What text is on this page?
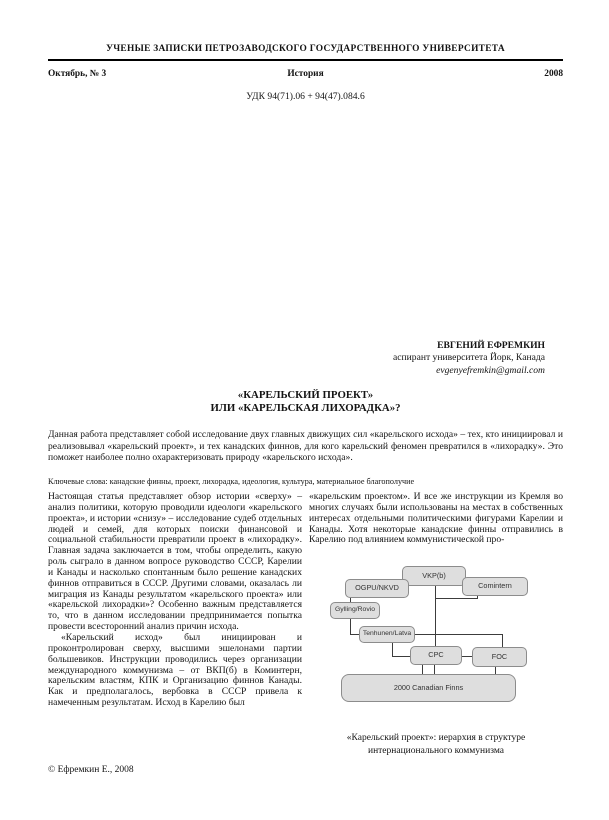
УЧЕНЫЕ ЗАПИСКИ ПЕТРОЗАВОДСКОГО ГОСУДАРСТВЕННОГО УНИВЕРСИТЕТА
Октябрь, № 3	История	2008
УДК 94(71).06 + 94(47).084.6
ЕВГЕНИЙ ЕФРЕМКИН
аспирант университета Йорк, Канада
evgenyefremkin@gmail.com
«КАРЕЛЬСКИЙ ПРОЕКТ»
ИЛИ «КАРЕЛЬСКАЯ ЛИХОРАДКА»?

Данная работа представляет собой исследование двух главных движущих сил «карельского исхода» – тех, кто инициировал и реализовывал «карельский проект», и тех канадских финнов, для кого карельский феномен превратился в «лихорадку». Это поможет наиболее полно охарактеризовать природу «карельского исхода».

Ключевые слова: канадские финны, проект, лихорадка, идеология, культура, материальное благополучие

Настоящая статья представляет обзор истории «сверху» – анализ политики, которую проводили идеологи «карельского проекта», и истории «снизу» – исследование судеб отдельных людей и семей, для которых поиски финансовой и социальной стабильности превратили проект в «лихорадку». Главная задача заключается в том, чтобы определить, какую роль сыграло в данном вопросе руководство СССР, Карелии и Канады и насколько спонтанным было решение канадских финнов отправиться в СССР. Другими словами, оказалась ли миграция из Канады результатом «карельского проекта» или «карельской лихорадки»? Особенно важным представляется то, что в данном исследовании предпринимается попытка провести всесторонний анализ причин исхода.

«Карельский исход» был инициирован и проконтролирован сверху, высшими эшелонами партии большевиков. Инструкции проводились через организации международного коммунизма – от ВКП(б) в Коминтерн, карельским властям, КПК и Организацию финнов Канады. Как и предполагалось, вербовка в СССР привела к намеченным результатам. Исход в Карелию был

«карельским проектом». И все же инструкции из Кремля во многих случаях были использованы на местах в собственных интересах отдельными политическими фигурами Карелии и Канады. Хотя некоторые канадские финны отправились в Карелию под влиянием коммунистической про-

VKP(b)
Comintern
OGPU/NKVD
Gylling/Rovio
Tenhunen/Latva
CPC	FOC
2000 Canadian Finns
«Карельский проект»: иерархия в структуре
интернационального коммунизма
© Ефремкин Е., 2008
